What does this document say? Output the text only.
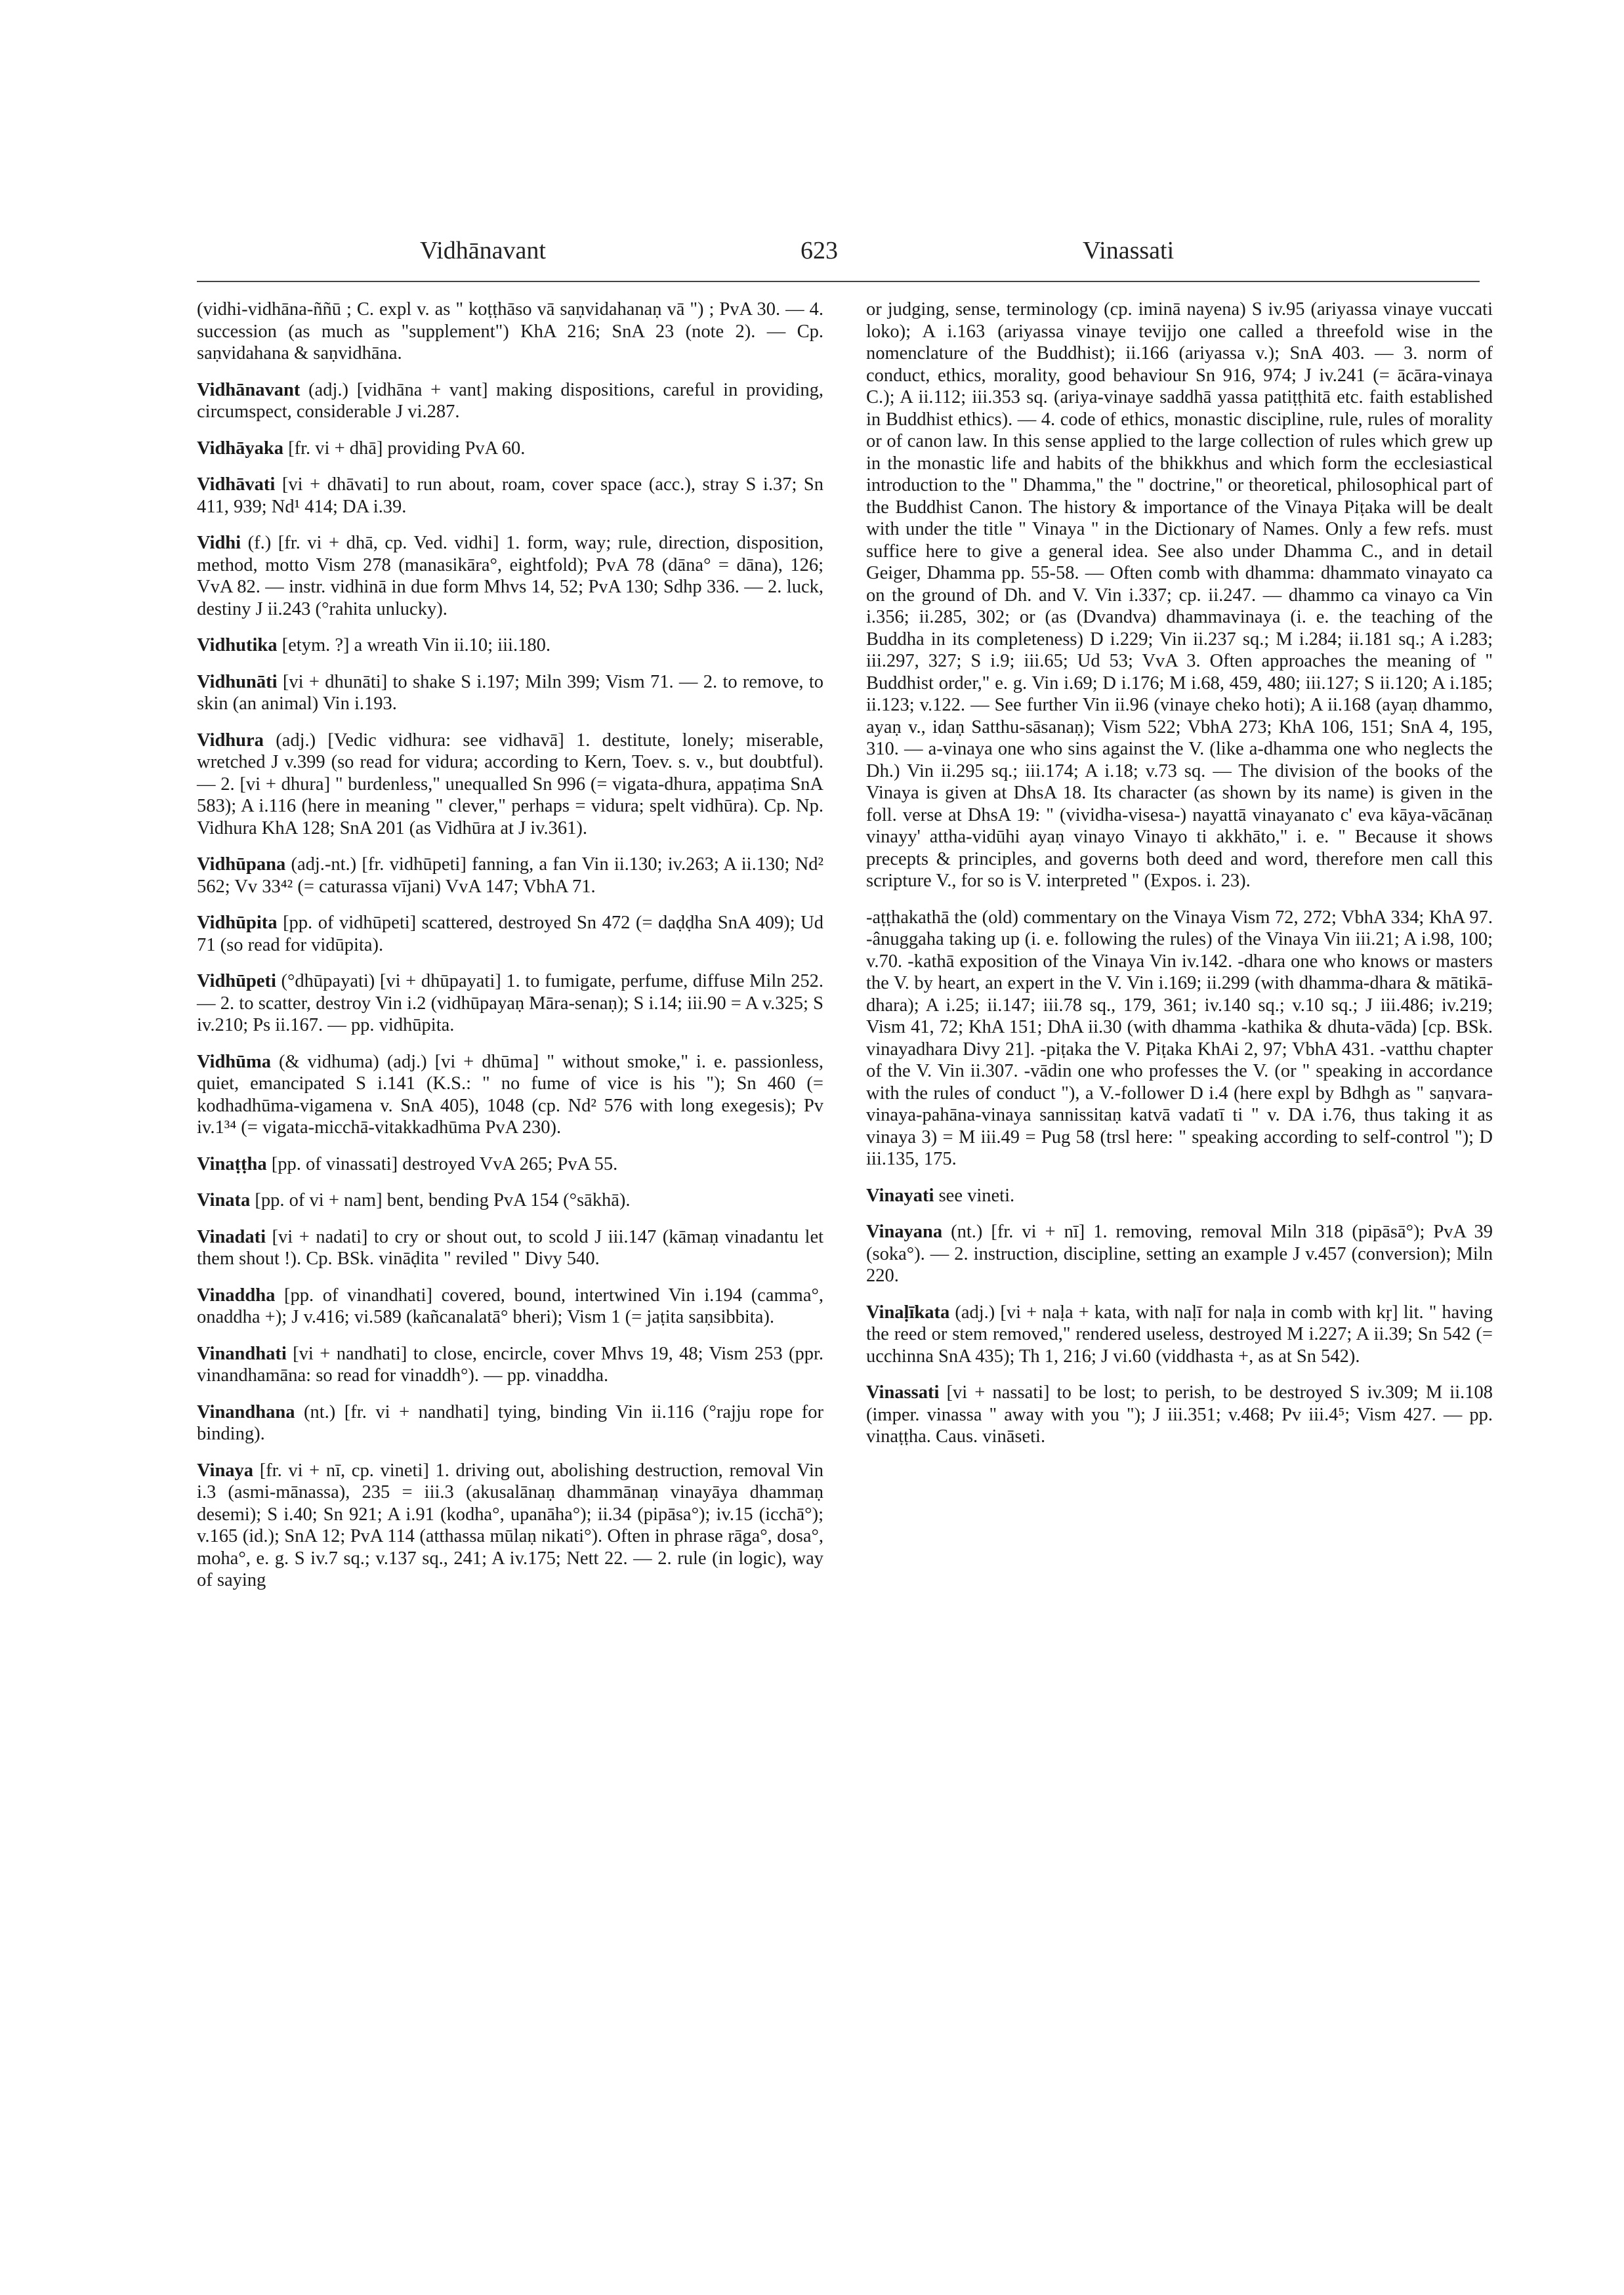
Vidhānavant	623	Vinassati

(vidhi-vidhāna-ññū ; C. expl v. as " koṭṭhāso vā saṇvidahanaṇ vā ") ; PvA 30. — 4. succession (as much as "supplement") KhA 216; SnA 23 (note 2). — Cp. saṇvidahana & saṇvidhāna.

Vidhānavant (adj.) [vidhāna + vant] making dispositions, careful in providing, circumspect, considerable J vi.287.

Vidhāyaka [fr. vi + dhā] providing PvA 60.

Vidhāvati [vi + dhāvati] to run about, roam, cover space (acc.), stray S i.37; Sn 411, 939; Nd¹ 414; DA i.39.

Vidhi (f.) [fr. vi + dhā, cp. Ved. vidhi] 1. form, way; rule, direction, disposition, method, motto Vism 278 (manasikāra°, eightfold); PvA 78 (dāna° = dāna), 126; VvA 82. — instr. vidhinā in due form Mhvs 14, 52; PvA 130; Sdhp 336. — 2. luck, destiny J ii.243 (°rahita unlucky).

Vidhutika [etym. ?] a wreath Vin ii.10; iii.180.

Vidhunāti [vi + dhunāti] to shake S i.197; Miln 399; Vism 71. — 2. to remove, to skin (an animal) Vin i.193.

Vidhura (adj.) [Vedic vidhura: see vidhavā] 1. destitute, lonely; miserable, wretched J v.399 (so read for vidura; according to Kern, Toev. s. v., but doubtful). — 2. [vi + dhura] " burdenless," unequalled Sn 996 (= vigata-dhura, appaṭima SnA 583); A i.116 (here in meaning " clever," perhaps = vidura; spelt vidhūra). Cp. Np. Vidhura KhA 128; SnA 201 (as Vidhūra at J iv.361).

Vidhūpana (adj.-nt.) [fr. vidhūpeti] fanning, a fan Vin ii.130; iv.263; A ii.130; Nd² 562; Vv 33⁴² (= caturassa vījani) VvA 147; VbhA 71.

Vidhūpita [pp. of vidhūpeti] scattered, destroyed Sn 472 (= daḍḍha SnA 409); Ud 71 (so read for vidūpita).

Vidhūpeti (°dhūpayati) [vi + dhūpayati] 1. to fumigate, perfume, diffuse Miln 252. — 2. to scatter, destroy Vin i.2 (vidhūpayaṇ Māra-senaṇ); S i.14; iii.90 = A v.325; S iv.210; Ps ii.167. — pp. vidhūpita.

Vidhūma (& vidhuma) (adj.) [vi + dhūma] " without smoke," i. e. passionless, quiet, emancipated S i.141 (K.S.: " no fume of vice is his "); Sn 460 (= kodhadhūma-vigamena v. SnA 405), 1048 (cp. Nd² 576 with long exegesis); Pv iv.1³⁴ (= vigata-micchā-vitakkadhūma PvA 230).

Vinaṭṭha [pp. of vinassati] destroyed VvA 265; PvA 55.

Vinata [pp. of vi + nam] bent, bending PvA 154 (°sākhā).

Vinadati [vi + nadati] to cry or shout out, to scold J iii.147 (kāmaṇ vinadantu let them shout !). Cp. BSk. vināḍita " reviled " Divy 540.

Vinaddha [pp. of vinandhati] covered, bound, intertwined Vin i.194 (camma°, onaddha +); J v.416; vi.589 (kañcanalatā° bheri); Vism 1 (= jaṭita saṇsibbita).

Vinandhati [vi + nandhati] to close, encircle, cover Mhvs 19, 48; Vism 253 (ppr. vinandhamāna: so read for vinaddh°). — pp. vinaddha.

Vinandhana (nt.) [fr. vi + nandhati] tying, binding Vin ii.116 (°rajju rope for binding).

Vinaya [fr. vi + nī, cp. vineti] 1. driving out, abolishing destruction, removal Vin i.3 (asmi-mānassa), 235 = iii.3 (akusalānaṇ dhammānaṇ vinayāya dhammaṇ desemi); S i.40; Sn 921; A i.91 (kodha°, upanāha°); ii.34 (pipāsa°); iv.15 (icchā°); v.165 (id.); SnA 12; PvA 114 (atthassa mūlaṇ nikati°). Often in phrase rāga°, dosa°, moha°, e. g. S iv.7 sq.; v.137 sq., 241; A iv.175; Nett 22. — 2. rule (in logic), way of saying

or judging, sense, terminology (cp. iminā nayena) S iv.95 (ariyassa vinaye vuccati loko); A i.163 (ariyassa vinaye tevijjo one called a threefold wise in the nomenclature of the Buddhist); ii.166 (ariyassa v.); SnA 403. — 3. norm of conduct, ethics, morality, good behaviour Sn 916, 974; J iv.241 (= ācāra-vinaya C.); A ii.112; iii.353 sq. (ariya-vinaye saddhā yassa patiṭṭhitā etc. faith established in Buddhist ethics). — 4. code of ethics, monastic discipline, rule, rules of morality or of canon law. In this sense applied to the large collection of rules which grew up in the monastic life and habits of the bhikkhus and which form the ecclesiastical introduction to the " Dhamma," the " doctrine," or theoretical, philosophical part of the Buddhist Canon. The history & importance of the Vinaya Piṭaka will be dealt with under the title " Vinaya " in the Dictionary of Names. Only a few refs. must suffice here to give a general idea. See also under Dhamma C., and in detail Geiger, Dhamma pp. 55-58. — Often comb with dhamma: dhammato vinayato ca on the ground of Dh. and V. Vin i.337; cp. ii.247. — dhammo ca vinayo ca Vin i.356; ii.285, 302; or (as (Dvandva) dhammavinaya (i. e. the teaching of the Buddha in its completeness) D i.229; Vin ii.237 sq.; M i.284; ii.181 sq.; A i.283; iii.297, 327; S i.9; iii.65; Ud 53; VvA 3. Often approaches the meaning of " Buddhist order," e. g. Vin i.69; D i.176; M i.68, 459, 480; iii.127; S ii.120; A i.185; ii.123; v.122. — See further Vin ii.96 (vinaye cheko hoti); A ii.168 (ayaṇ dhammo, ayaṇ v., idaṇ Satthu-sāsanaṇ); Vism 522; VbhA 273; KhA 106, 151; SnA 4, 195, 310. — a-vinaya one who sins against the V. (like a-dhamma one who neglects the Dh.) Vin ii.295 sq.; iii.174; A i.18; v.73 sq. — The division of the books of the Vinaya is given at DhsA 18. Its character (as shown by its name) is given in the foll. verse at DhsA 19: " (vividha-visesa-) nayattā vinayanato c' eva kāya-vācānaṇ vinayy' attha-vidūhi ayaṇ vinayo Vinayo ti akkhāto," i. e. " Because it shows precepts & principles, and governs both deed and word, therefore men call this scripture V., for so is V. interpreted " (Expos. i. 23).

-aṭṭhakathā the (old) commentary on the Vinaya Vism 72, 272; VbhA 334; KhA 97. -ânuggaha taking up (i. e. following the rules) of the Vinaya Vin iii.21; A i.98, 100; v.70. -kathā exposition of the Vinaya Vin iv.142. -dhara one who knows or masters the V. by heart, an expert in the V. Vin i.169; ii.299 (with dhamma-dhara & mātikā-dhara); A i.25; ii.147; iii.78 sq., 179, 361; iv.140 sq.; v.10 sq.; J iii.486; iv.219; Vism 41, 72; KhA 151; DhA ii.30 (with dhamma -kathika & dhuta-vāda) [cp. BSk. vinayadhara Divy 21]. -piṭaka the V. Piṭaka KhAi 2, 97; VbhA 431. -vatthu chapter of the V. Vin ii.307. -vādin one who professes the V. (or " speaking in accordance with the rules of conduct "), a V.-follower D i.4 (here expl by Bdhgh as " saṇvara-vinaya-pahāna-vinaya sannissitaṇ katvā vadatī ti " v. DA i.76, thus taking it as vinaya 3) = M iii.49 = Pug 58 (trsl here: " speaking according to self-control "); D iii.135, 175.

Vinayati see vineti.

Vinayana (nt.) [fr. vi + nī] 1. removing, removal Miln 318 (pipāsā°); PvA 39 (soka°). — 2. instruction, discipline, setting an example J v.457 (conversion); Miln 220.

Vinaḷīkata (adj.) [vi + naḷa + kata, with naḷī for naḷa in comb with kṛ] lit. " having the reed or stem removed," rendered useless, destroyed M i.227; A ii.39; Sn 542 (= ucchinna SnA 435); Th 1, 216; J vi.60 (viddhasta +, as at Sn 542).

Vinassati [vi + nassati] to be lost; to perish, to be destroyed S iv.309; M ii.108 (imper. vinassa " away with you "); J iii.351; v.468; Pv iii.4⁵; Vism 427. — pp. vinaṭṭha. Caus. vināseti.
